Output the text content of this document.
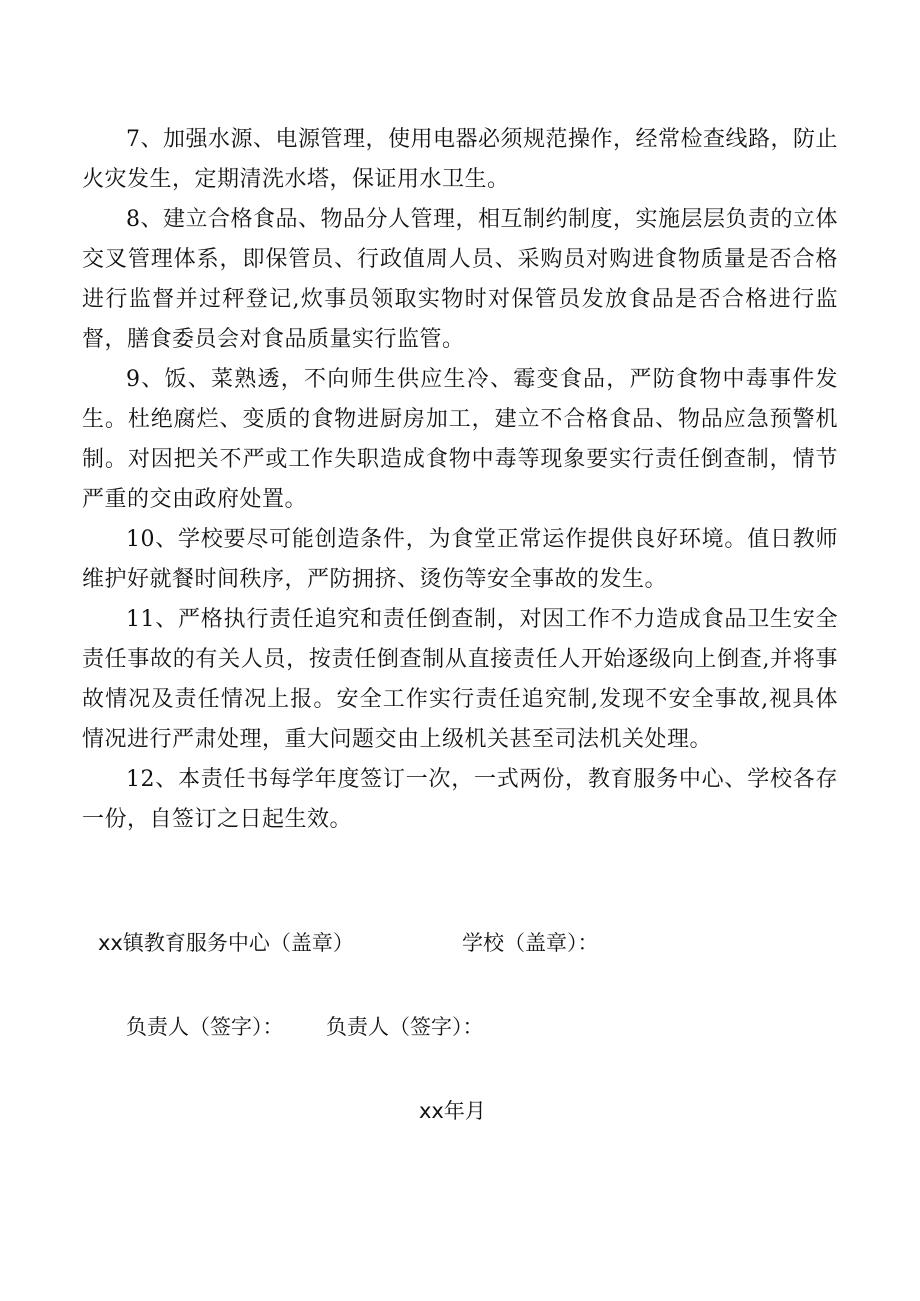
7、加强水源、电源管理，使用电器必须规范操作，经常检查线路，防止火灾发生，定期清洗水塔，保证用水卫生。

8、建立合格食品、物品分人管理，相互制约制度，实施层层负责的立体交叉管理体系，即保管员、行政值周人员、采购员对购进食物质量是否合格进行监督并过秤登记,炊事员领取实物时对保管员发放食品是否合格进行监督，膳食委员会对食品质量实行监管。

9、饭、菜熟透，不向师生供应生冷、霉变食品，严防食物中毒事件发生。杜绝腐烂、变质的食物进厨房加工，建立不合格食品、物品应急预警机制。对因把关不严或工作失职造成食物中毒等现象要实行责任倒查制，情节严重的交由政府处置。

10、学校要尽可能创造条件，为食堂正常运作提供良好环境。值日教师维护好就餐时间秩序，严防拥挤、烫伤等安全事故的发生。

11、严格执行责任追究和责任倒查制，对因工作不力造成食品卫生安全责任事故的有关人员，按责任倒查制从直接责任人开始逐级向上倒查,并将事故情况及责任情况上报。安全工作实行责任追究制,发现不安全事故,视具体情况进行严肃处理，重大问题交由上级机关甚至司法机关处理。

12、本责任书每学年度签订一次，一式两份，教育服务中心、学校各存一份，自签订之日起生效。

xx镇教育服务中心（盖章）	学校（盖章）：
负责人（签字）： 负责人（签字）：
xx年月
